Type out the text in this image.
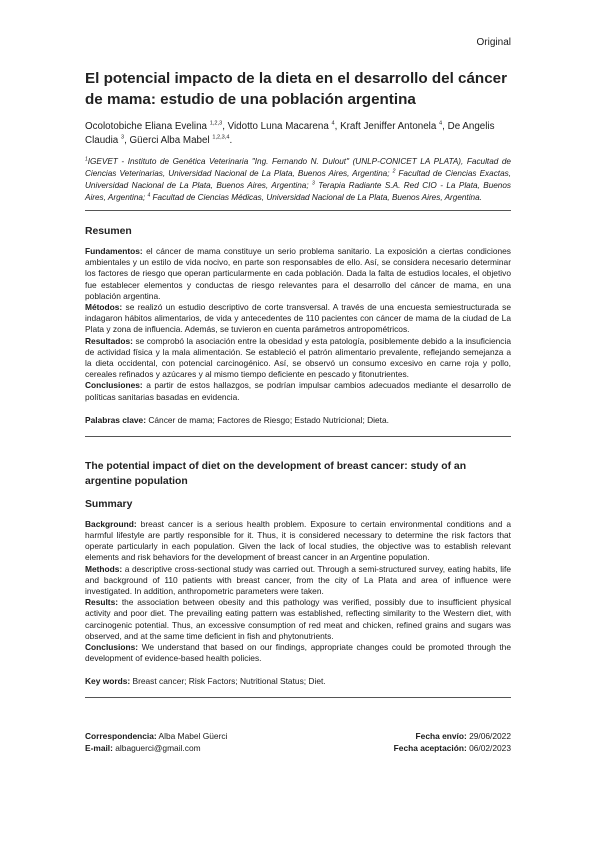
Original
El potencial impacto de la dieta en el desarrollo del cáncer de mama: estudio de una población argentina

Ocolotobiche Eliana Evelina $^{1,2,3}$, Vidotto Luna Macarena $^4$, Kraft Jeniffer Antonela $^4$, De Angelis Claudia $^3$, Güerci Alba Mabel $^{1,2,3,4}$.

$^1$IGEVET - Instituto de Genética Veterinaria "Ing. Fernando N. Dulout" (UNLP-CONICET LA PLATA), Facultad de Ciencias Veterinarias, Universidad Nacional de La Plata, Buenos Aires, Argentina; $^2$ Facultad de Ciencias Exactas, Universidad Nacional de La Plata, Buenos Aires, Argentina; $^3$ Terapia Radiante S.A. Red CIO - La Plata, Buenos Aires, Argentina; $^4$ Facultad de Ciencias Médicas, Universidad Nacional de La Plata, Buenos Aires, Argentina.

Resumen

Fundamentos: el cáncer de mama constituye un serio problema sanitario. La exposición a ciertas condiciones ambientales y un estilo de vida nocivo, en parte son responsables de ello. Así, se considera necesario determinar los factores de riesgo que operan particularmente en cada población. Dada la falta de estudios locales, el objetivo fue establecer elementos y conductas de riesgo relevantes para el desarrollo del cáncer de mama, en una población argentina.

Métodos: se realizó un estudio descriptivo de corte transversal. A través de una encuesta semiestructurada se indagaron hábitos alimentarios, de vida y antecedentes de 110 pacientes con cáncer de mama de la ciudad de La Plata y zona de influencia. Además, se tuvieron en cuenta parámetros antropométricos.

Resultados: se comprobó la asociación entre la obesidad y esta patología, posiblemente debido a la insuficiencia de actividad física y la mala alimentación. Se estableció el patrón alimentario prevalente, reflejando semejanza a la dieta occidental, con potencial carcinogénico. Así, se observó un consumo excesivo en carne roja y pollo, cereales refinados y azúcares y al mismo tiempo deficiente en pescado y fitonutrientes.

Conclusiones: a partir de estos hallazgos, se podrían impulsar cambios adecuados mediante el desarrollo de políticas sanitarias basadas en evidencia.

Palabras clave: Cáncer de mama; Factores de Riesgo; Estado Nutricional; Dieta.

The potential impact of diet on the development of breast cancer: study of an argentine population
Summary

Background: breast cancer is a serious health problem. Exposure to certain environmental conditions and a harmful lifestyle are partly responsible for it. Thus, it is considered necessary to determine the risk factors that operate particularly in each population. Given the lack of local studies, the objective was to establish relevant elements and risk behaviors for the development of breast cancer in an Argentine population.

Methods: a descriptive cross-sectional study was carried out. Through a semi-structured survey, eating habits, life and background of 110 patients with breast cancer, from the city of La Plata and area of influence were investigated. In addition, anthropometric parameters were taken.

Results: the association between obesity and this pathology was verified, possibly due to insufficient physical activity and poor diet. The prevailing eating pattern was established, reflecting similarity to the Western diet, with carcinogenic potential. Thus, an excessive consumption of red meat and chicken, refined grains and sugars was observed, and at the same time deficient in fish and phytonutrients.

Conclusions: We understand that based on our findings, appropriate changes could be promoted through the development of evidence-based health policies.

Key words: Breast cancer; Risk Factors; Nutritional Status; Diet.

Correspondencia: Alba Mabel Güerci	Fecha envío: 29/06/2022
E-mail: albaguerci@gmail.com	Fecha aceptación: 06/02/2023
